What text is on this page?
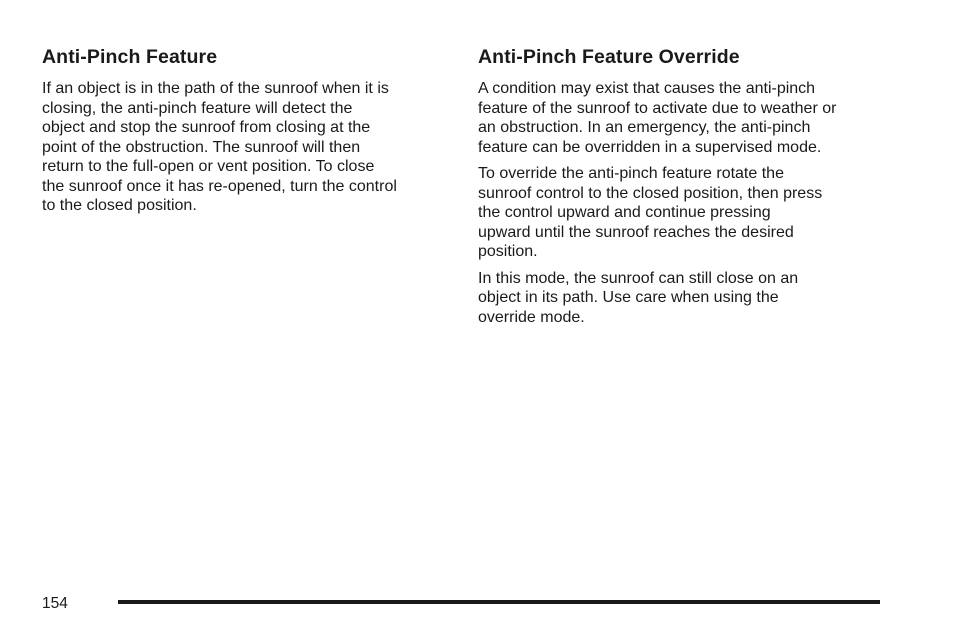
Anti-Pinch Feature

If an object is in the path of the sunroof when it is
closing, the anti-pinch feature will detect the
object and stop the sunroof from closing at the
point of the obstruction. The sunroof will then
return to the full-open or vent position. To close
the sunroof once it has re-opened, turn the control
to the closed position.

Anti-Pinch Feature Override

A condition may exist that causes the anti-pinch
feature of the sunroof to activate due to weather or
an obstruction. In an emergency, the anti-pinch
feature can be overridden in a supervised mode.

To override the anti-pinch feature rotate the
sunroof control to the closed position, then press
the control upward and continue pressing
upward until the sunroof reaches the desired
position.

In this mode, the sunroof can still close on an
object in its path. Use care when using the
override mode.

154
